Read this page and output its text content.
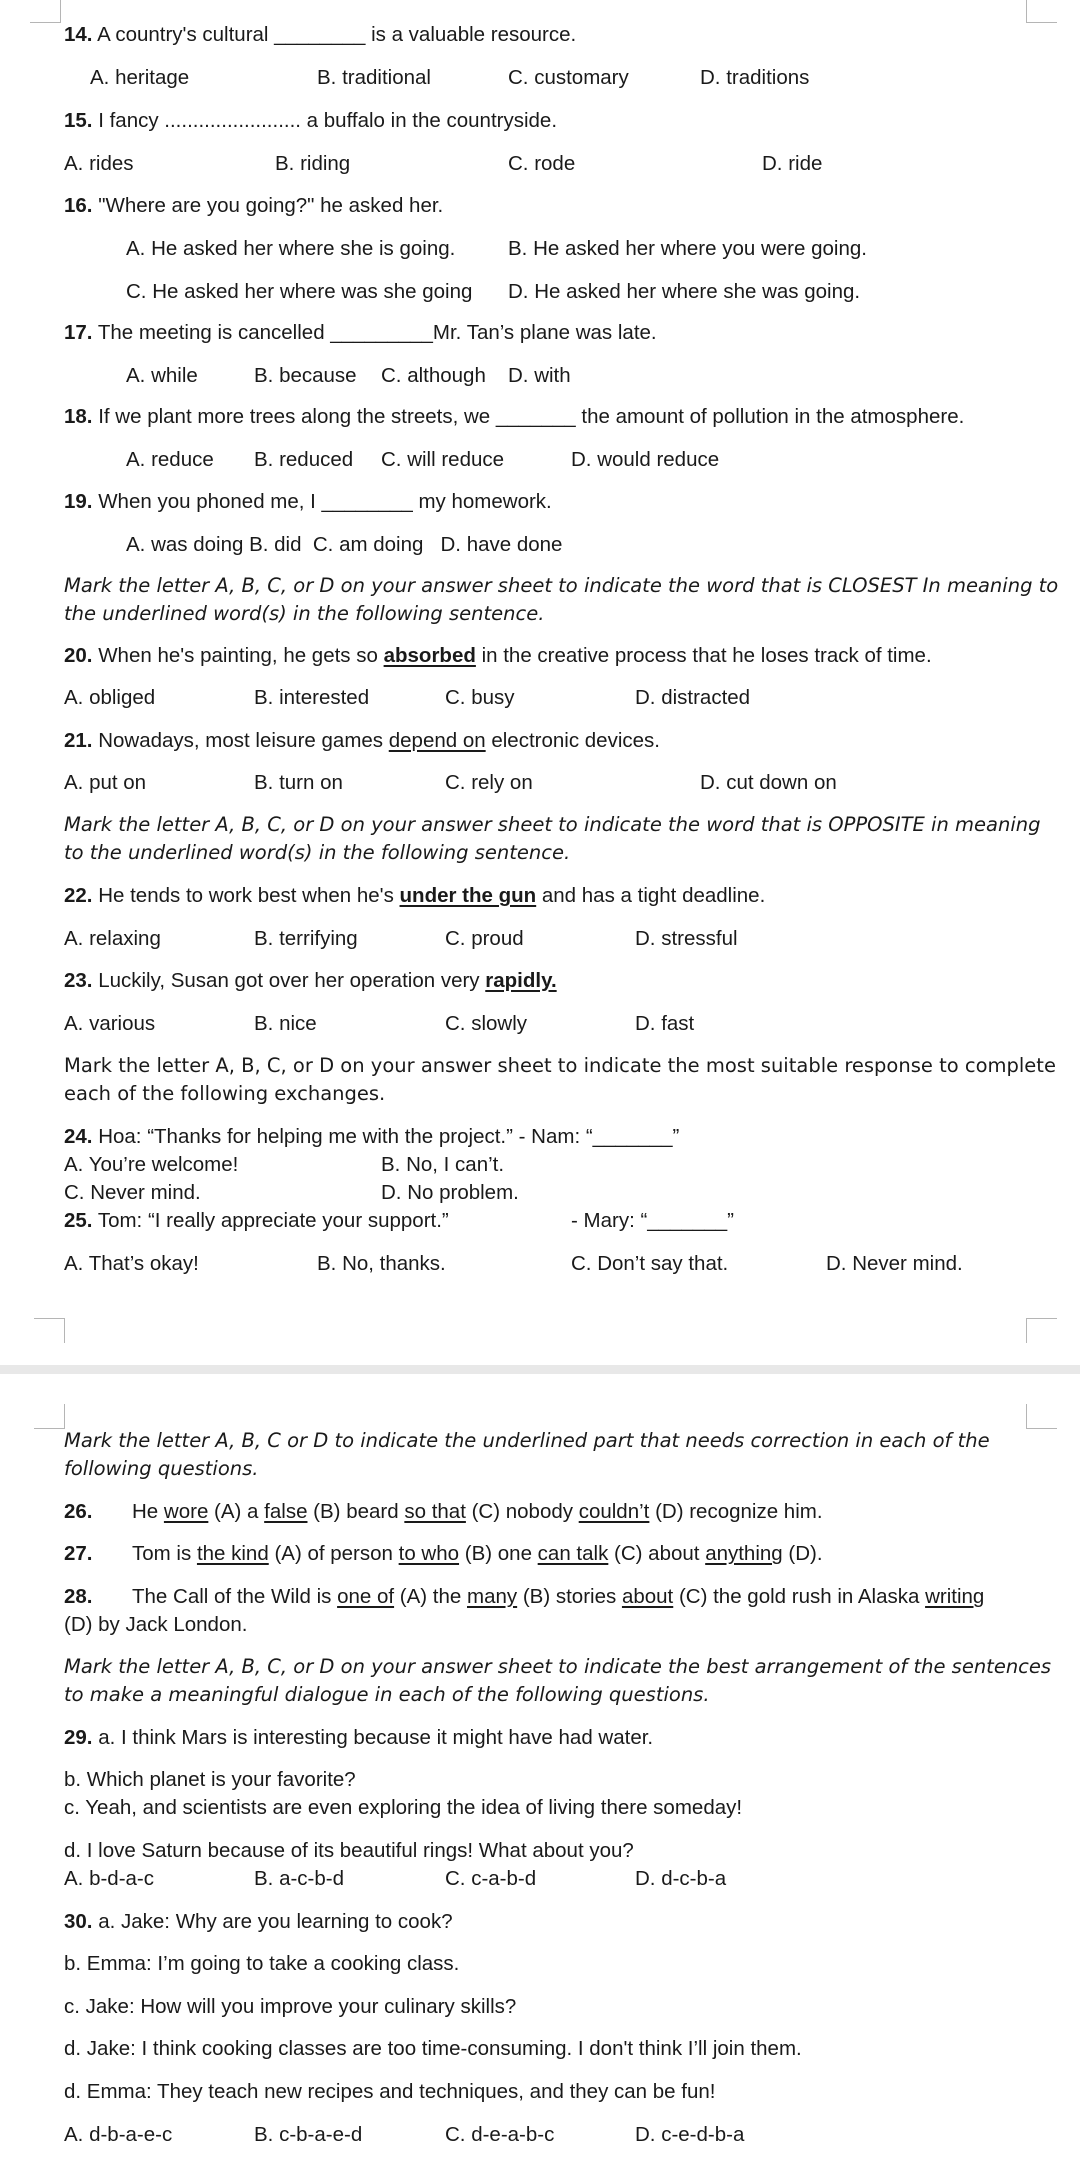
14. A country's cultural ________ is a valuable resource.
A. heritage	B. traditional	C. customary	D. traditions
15. I fancy ........................ a buffalo in the countryside.
A. rides	B. riding	C. rode	D. ride
16. "Where are you going?" he asked her.
A. He asked her where she is going.	B. He asked her where you were going.
C. He asked her where was she going D. He asked her where she was going.
17. The meeting is cancelled _________Mr. Tan’s plane was late.
A. while	B. because C. although D. with
18. If we plant more trees along the streets, we _______ the amount of pollution in the atmosphere.
A. reduce B. reduced C. will reduce	D. would reduce
19. When you phoned me, I ________ my homework.
A. was doing B. did  C. am doing   D. have done
Mark the letter A, B, C, or D on your answer sheet to indicate the word that is CLOSEST In meaning to
the underlined word(s) in the following sentence.
20. When he's painting, he gets so absorbed in the creative process that he loses track of time.
A. obliged	B. interested	C. busy	D. distracted
21. Nowadays, most leisure games depend on electronic devices.
A. put on	B. turn on	C. rely on	D. cut down on
Mark the letter A, B, C, or D on your answer sheet to indicate the word that is OPPOSITE in meaning
to the underlined word(s) in the following sentence.
22. He tends to work best when he's under the gun and has a tight deadline.
A. relaxing	B. terrifying	C. proud	D. stressful
23. Luckily, Susan got over her operation very rapidly.
A. various	B. nice	C. slowly	D. fast
Mark the letter A, B, C, or D on your answer sheet to indicate the most suitable response to complete
each of the following exchanges.
24. Hoa: “Thanks for helping me with the project.” - Nam: “_______”
A. You’re welcome!	B. No, I can’t.
C. Never mind.	D. No problem.
25. Tom: “I really appreciate your support.”	- Mary: “_______”
A. That’s okay!	B. No, thanks.	C. Don’t say that.	D. Never mind.
Mark the letter A, B, C or D to indicate the underlined part that needs correction in each of the
following questions.
26. He wore (A) a false (B) beard so that (C) nobody couldn’t (D) recognize him.
27. Tom is the kind (A) of person to who (B) one can talk (C) about anything (D).
28. The Call of the Wild is one of (A) the many (B) stories about (C) the gold rush in Alaska writing
(D) by Jack London.
Mark the letter A, B, C, or D on your answer sheet to indicate the best arrangement of the sentences
to make a meaningful dialogue in each of the following questions.
29. a. I think Mars is interesting because it might have had water.
b. Which planet is your favorite?
c. Yeah, and scientists are even exploring the idea of living there someday!
d. I love Saturn because of its beautiful rings! What about you?
A. b-d-a-c	B. a-c-b-d	C. c-a-b-d	D. d-c-b-a
30. a. Jake: Why are you learning to cook?
b. Emma: I’m going to take a cooking class.
c. Jake: How will you improve your culinary skills?
d. Jake: I think cooking classes are too time-consuming. I don't think I’ll join them.
d. Emma: They teach new recipes and techniques, and they can be fun!
A. d-b-a-e-c	B. c-b-a-e-d	C. d-e-a-b-c	D. c-e-d-b-a
